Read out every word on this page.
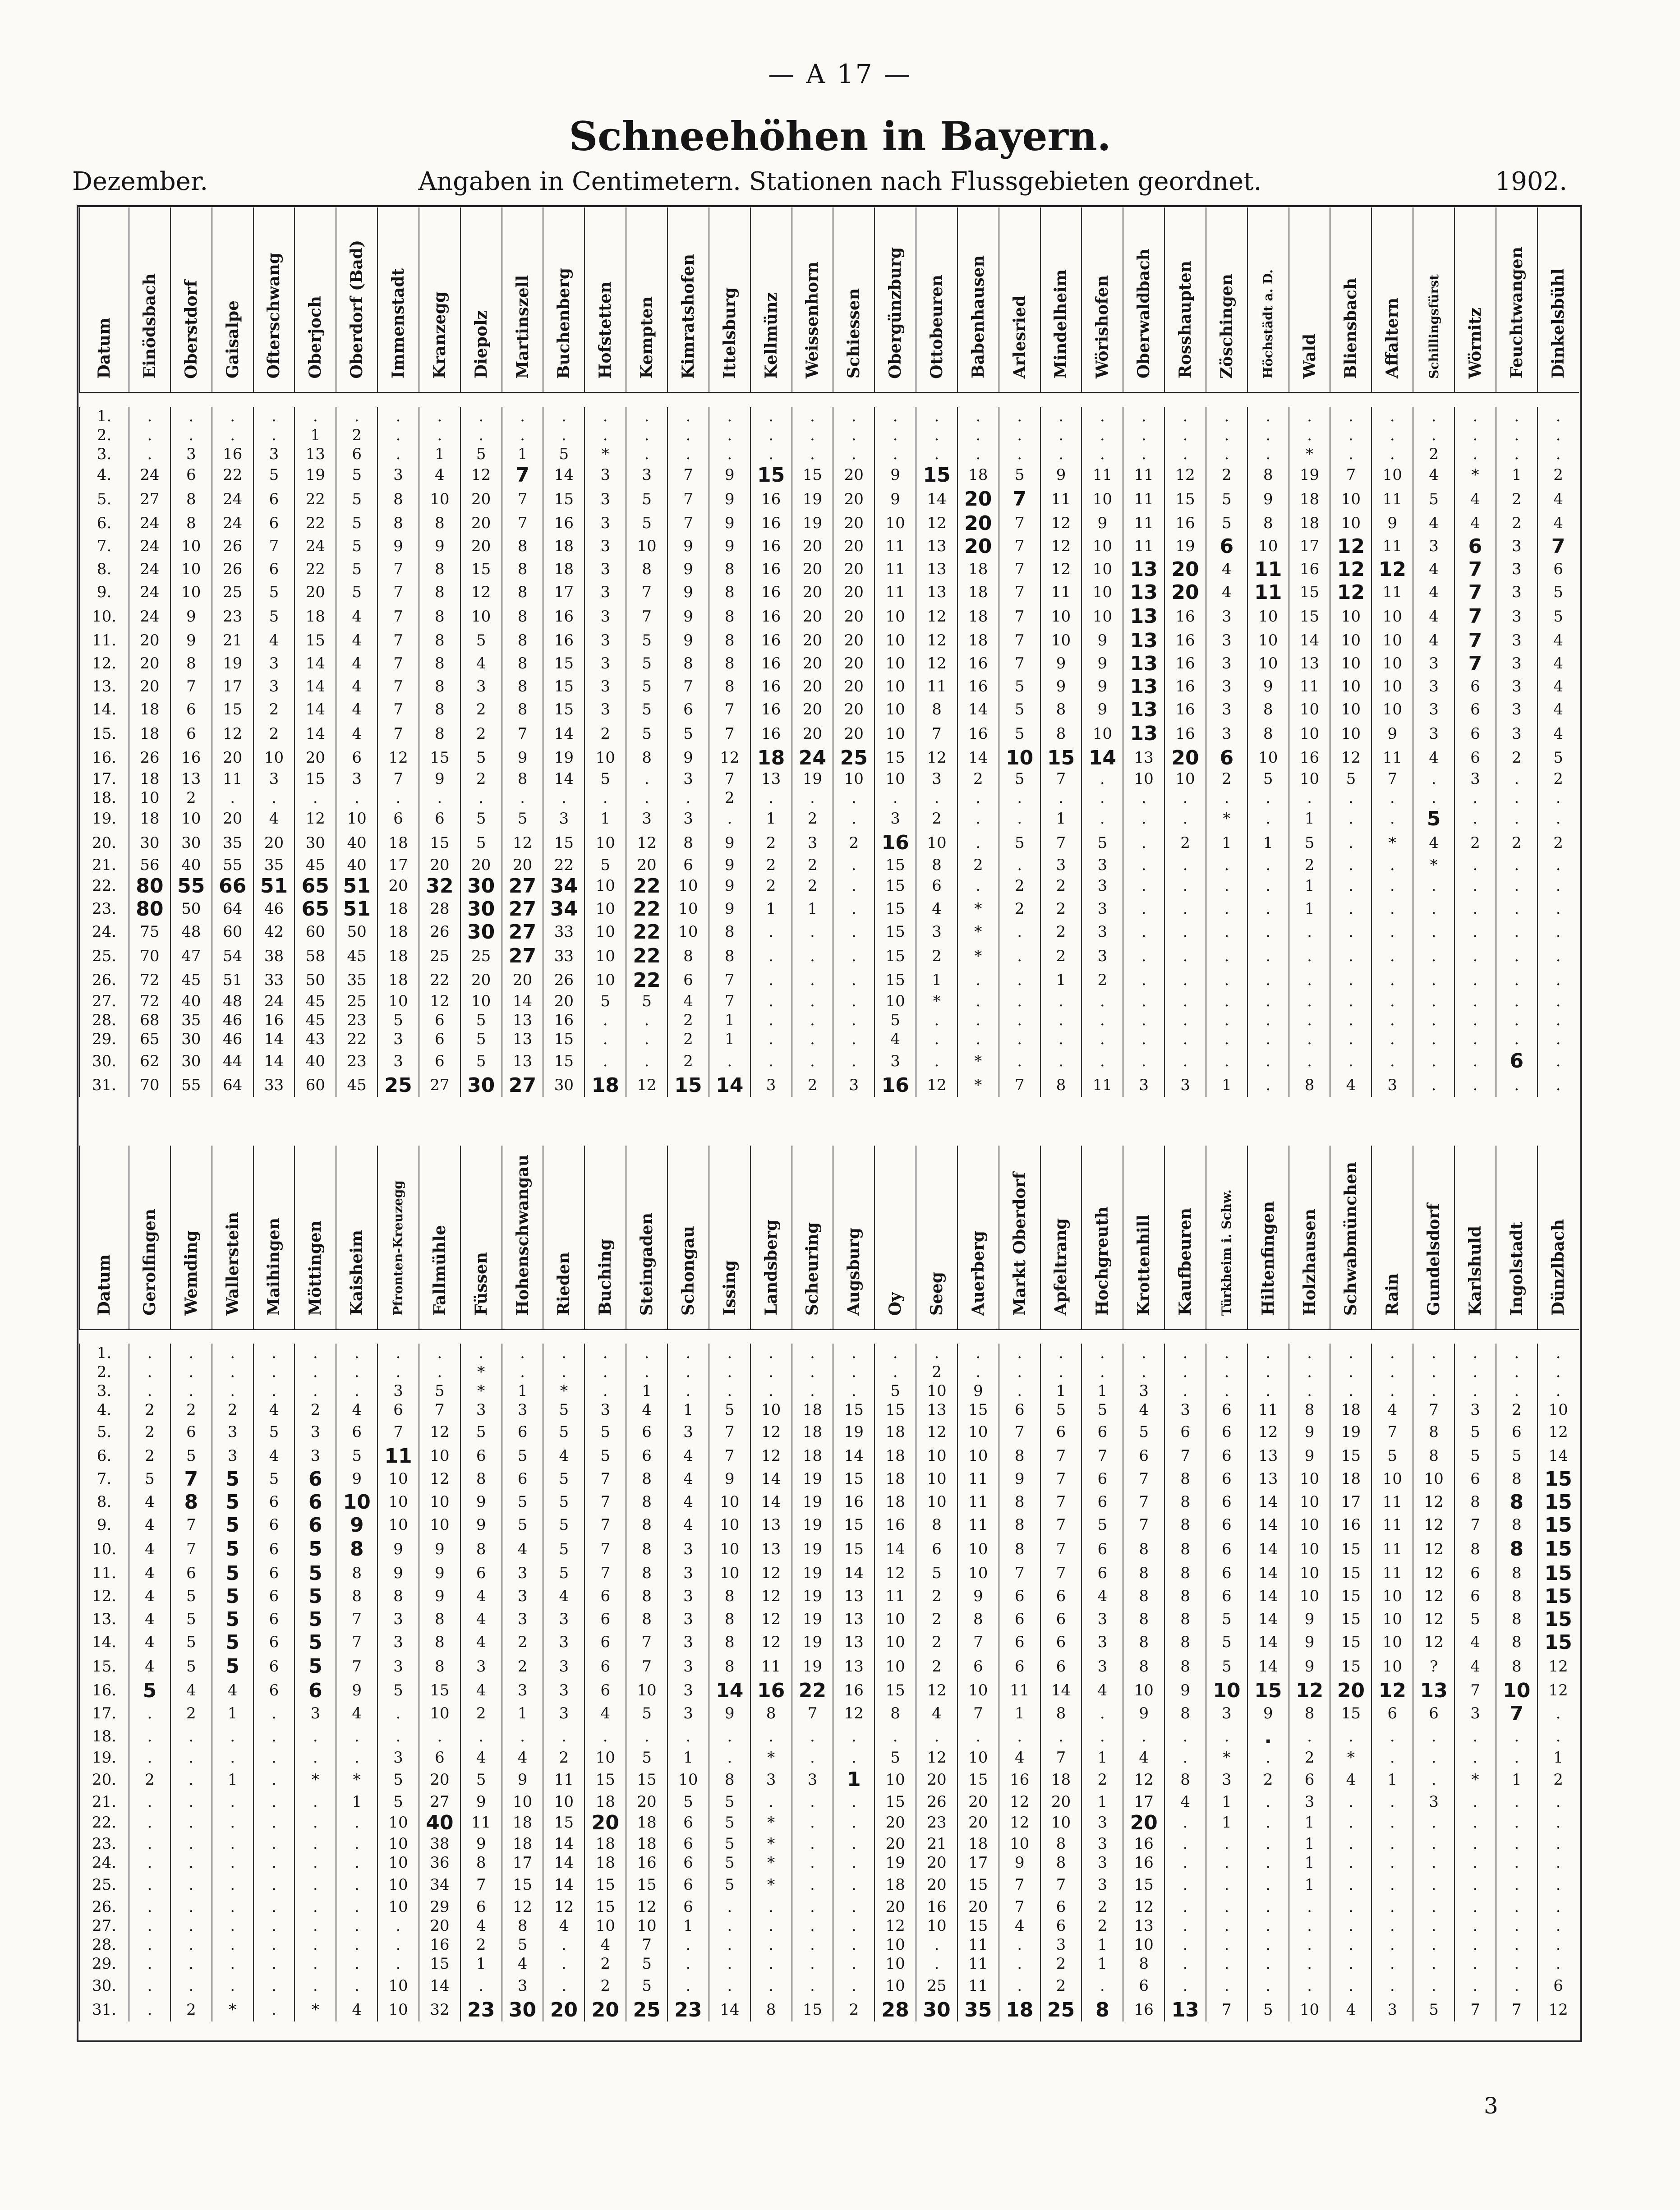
— A 17 —
Schneehöhen in Bayern.
Dezember.	Angaben in Centimetern. Stationen nach Flussgebieten geordnet.	1902.
Datum	Einödsbach	Oberstdorf	Gaisalpe	Ofterschwang	Oberjoch	Oberdorf (Bad)	Immenstadt	Kranzegg	Diepolz	Martinszell	Buchenberg	Hofstetten	Kempten	Kimratshofen	Ittelsburg	Kellmünz	Weissenhorn	Schiessen	Obergünzburg	Ottobeuren	Babenhausen	Arlesried	Mindelheim	Wörishofen	Oberwaldbach	Rosshaupten	Zöschingen	Höchstädt a. D.	Wald	Bliensbach	Affaltern	Schillingsfürst	Wörnitz	Feuchtwangen	Dinkelsbühl

1.	.	.	.	.	.	.	.	.	.	.	.	.	.	.	.	.	.	.	.	.	.	.	.	.	.	.	.	.	.	.	.	.	.	.	.
2.	.	.	.	.	1	2	.	.	.	.	.	.	.	.	.	.	.	.	.	.	.	.	.	.	.	.	.	.	.	.	.	.	.	.	.
3.	.	3	16	3	13	6	.	1	5	1	5	*	.	.	.	.	.	.	.	.	.	.	.	.	.	.	.	.	*	.	.	2	.	.	.
4.	24	6	22	5	19	5	3	4	12	7	14	3	3	7	9	15	15	20	9	15	18	5	9	11	11	12	2	8	19	7	10	4	*	1	2
5.	27	8	24	6	22	5	8	10	20	7	15	3	5	7	9	16	19	20	9	14	20	7	11	10	11	15	5	9	18	10	11	5	4	2	4
6.	24	8	24	6	22	5	8	8	20	7	16	3	5	7	9	16	19	20	10	12	20	7	12	9	11	16	5	8	18	10	9	4	4	2	4
7.	24	10	26	7	24	5	9	9	20	8	18	3	10	9	9	16	20	20	11	13	20	7	12	10	11	19	6	10	17	12	11	3	6	3	7
8.	24	10	26	6	22	5	7	8	15	8	18	3	8	9	8	16	20	20	11	13	18	7	12	10	13	20	4	11	16	12	12	4	7	3	6
9.	24	10	25	5	20	5	7	8	12	8	17	3	7	9	8	16	20	20	11	13	18	7	11	10	13	20	4	11	15	12	11	4	7	3	5
10.	24	9	23	5	18	4	7	8	10	8	16	3	7	9	8	16	20	20	10	12	18	7	10	10	13	16	3	10	15	10	10	4	7	3	5
11.	20	9	21	4	15	4	7	8	5	8	16	3	5	9	8	16	20	20	10	12	18	7	10	9	13	16	3	10	14	10	10	4	7	3	4
12.	20	8	19	3	14	4	7	8	4	8	15	3	5	8	8	16	20	20	10	12	16	7	9	9	13	16	3	10	13	10	10	3	7	3	4
13.	20	7	17	3	14	4	7	8	3	8	15	3	5	7	8	16	20	20	10	11	16	5	9	9	13	16	3	9	11	10	10	3	6	3	4
14.	18	6	15	2	14	4	7	8	2	8	15	3	5	6	7	16	20	20	10	8	14	5	8	9	13	16	3	8	10	10	10	3	6	3	4
15.	18	6	12	2	14	4	7	8	2	7	14	2	5	5	7	16	20	20	10	7	16	5	8	10	13	16	3	8	10	10	9	3	6	3	4
16.	26	16	20	10	20	6	12	15	5	9	19	10	8	9	12	18	24	25	15	12	14	10	15	14	13	20	6	10	16	12	11	4	6	2	5
17.	18	13	11	3	15	3	7	9	2	8	14	5	.	3	7	13	19	10	10	3	2	5	7	.	10	10	2	5	10	5	7	.	3	.	2
18.	10	2	.	.	.	.	.	.	.	.	.	.	.	.	2	.	.	.	.	.	.	.	.	.	.	.	.	.	.	.	.	.	.	.	.
19.	18	10	20	4	12	10	6	6	5	5	3	1	3	3	.	1	2	.	3	2	.	.	1	.	.	.	*	.	1	.	.	5	.	.	.
20.	30	30	35	20	30	40	18	15	5	12	15	10	12	8	9	2	3	2	16	10	.	5	7	5	.	2	1	1	5	.	*	4	2	2	2
21.	56	40	55	35	45	40	17	20	20	20	22	5	20	6	9	2	2	.	15	8	2	.	3	3	.	.	.	.	2	.	.	*	.	.	.
22.	80	55	66	51	65	51	20	32	30	27	34	10	22	10	9	2	2	.	15	6	.	2	2	3	.	.	.	.	1	.	.	.	.	.	.
23.	80	50	64	46	65	51	18	28	30	27	34	10	22	10	9	1	1	.	15	4	*	2	2	3	.	.	.	.	1	.	.	.	.	.	.
24.	75	48	60	42	60	50	18	26	30	27	33	10	22	10	8	.	.	.	15	3	*	.	2	3	.	.	.	.	.	.	.	.	.	.	.
25.	70	47	54	38	58	45	18	25	25	27	33	10	22	8	8	.	.	.	15	2	*	.	2	3	.	.	.	.	.	.	.	.	.	.	.
26.	72	45	51	33	50	35	18	22	20	20	26	10	22	6	7	.	.	.	15	1	.	.	1	2	.	.	.	.	.	.	.	.	.	.	.
27.	72	40	48	24	45	25	10	12	10	14	20	5	5	4	7	.	.	.	10	*	.	.	.	.	.	.	.	.	.	.	.	.	.	.	.
28.	68	35	46	16	45	23	5	6	5	13	16	.	.	2	1	.	.	.	5	.	.	.	.	.	.	.	.	.	.	.	.	.	.	.	.
29.	65	30	46	14	43	22	3	6	5	13	15	.	.	2	1	.	.	.	4	.	.	.	.	.	.	.	.	.	.	.	.	.	.	.	.
30.	62	30	44	14	40	23	3	6	5	13	15	.	.	2	.	.	.	.	3	.	*	.	.	.	.	.	.	.	.	.	.	.	.	6	.
31.	70	55	64	33	60	45	25	27	30	27	30	18	12	15	14	3	2	3	16	12	*	7	8	11	3	3	1	.	8	4	3	.	.	.	.
Datum	Gerolfingen	Wemding	Wallerstein	Maihingen	Möttingen	Kaisheim	Pfronten-Kreuzegg	Fallmühle	Füssen	Hohenschwangau	Rieden	Buching	Steingaden	Schongau	Issing	Landsberg	Scheuring	Augsburg	Oy	Seeg	Auerberg	Markt Oberdorf	Apfeltrang	Hochgreuth	Krottenhill	Kaufbeuren	Türkheim i. Schw.	Hiltenfingen	Holzhausen	Schwabmünchen	Rain	Gundelsdorf	Karlshuld	Ingolstadt	Dünzlbach

1.	.	.	.	.	.	.	.	.	.	.	.	.	.	.	.	.	.	.	.	.	.	.	.	.	.	.	.	.	.	.	.	.	.	.	.
2.	.	.	.	.	.	.	.	.	*	.	.	.	.	.	.	.	.	.	.	2	.	.	.	.	.	.	.	.	.	.	.	.	.	.	.
3.	.	.	.	.	.	.	3	5	*	1	*	.	1	.	.	.	.	.	5	10	9	.	1	1	3	.	.	.	.	.	.	.	.	.	.
4.	2	2	2	4	2	4	6	7	3	3	5	3	4	1	5	10	18	15	15	13	15	6	5	5	4	3	6	11	8	18	4	7	3	2	10
5.	2	6	3	5	3	6	7	12	5	6	5	5	6	3	7	12	18	19	18	12	10	7	6	6	5	6	6	12	9	19	7	8	5	6	12
6.	2	5	3	4	3	5	11	10	6	5	4	5	6	4	7	12	18	14	18	10	10	8	7	7	6	7	6	13	9	15	5	8	5	5	14
7.	5	7	5	5	6	9	10	12	8	6	5	7	8	4	9	14	19	15	18	10	11	9	7	6	7	8	6	13	10	18	10	10	6	8	15
8.	4	8	5	6	6	10	10	10	9	5	5	7	8	4	10	14	19	16	18	10	11	8	7	6	7	8	6	14	10	17	11	12	8	8	15
9.	4	7	5	6	6	9	10	10	9	5	5	7	8	4	10	13	19	15	16	8	11	8	7	5	7	8	6	14	10	16	11	12	7	8	15
10.	4	7	5	6	5	8	9	9	8	4	5	7	8	3	10	13	19	15	14	6	10	8	7	6	8	8	6	14	10	15	11	12	8	8	15
11.	4	6	5	6	5	8	9	9	6	3	5	7	8	3	10	12	19	14	12	5	10	7	7	6	8	8	6	14	10	15	11	12	6	8	15
12.	4	5	5	6	5	8	8	9	4	3	4	6	8	3	8	12	19	13	11	2	9	6	6	4	8	8	6	14	10	15	10	12	6	8	15
13.	4	5	5	6	5	7	3	8	4	3	3	6	8	3	8	12	19	13	10	2	8	6	6	3	8	8	5	14	9	15	10	12	5	8	15
14.	4	5	5	6	5	7	3	8	4	2	3	6	7	3	8	12	19	13	10	2	7	6	6	3	8	8	5	14	9	15	10	12	4	8	15
15.	4	5	5	6	5	7	3	8	3	2	3	6	7	3	8	11	19	13	10	2	6	6	6	3	8	8	5	14	9	15	10	?	4	8	12
16.	5	4	4	6	6	9	5	15	4	3	3	6	10	3	14	16	22	16	15	12	10	11	14	4	10	9	10	15	12	20	12	13	7	10	12
17.	.	2	1	.	3	4	.	10	2	1	3	4	5	3	9	8	7	12	8	4	7	1	8	.	9	8	3	9	8	15	6	6	3	7	.
18.	.	.	.	.	.	.	.	.	.	.	.	.	.	.	.	.	.	.	.	.	.	.	.	.	.	.	.	.	.	.	.	.	.	.	.
19.	.	.	.	.	.	.	3	6	4	4	2	10	5	1	.	*	.	.	5	12	10	4	7	1	4	.	*	.	2	*	.	.	.	.	1
20.	2	.	1	.	*	*	5	20	5	9	11	15	15	10	8	3	3	1	10	20	15	16	18	2	12	8	3	2	6	4	1	.	*	1	2
21.	.	.	.	.	.	1	5	27	9	10	10	18	20	5	5	.	.	.	15	26	20	12	20	1	17	4	1	.	3	.	.	3	.	.	.
22.	.	.	.	.	.	.	10	40	11	18	15	20	18	6	5	*	.	.	20	23	20	12	10	3	20	.	1	.	1	.	.	.	.	.	.
23.	.	.	.	.	.	.	10	38	9	18	14	18	18	6	5	*	.	.	20	21	18	10	8	3	16	.	.	.	1	.	.	.	.	.	.
24.	.	.	.	.	.	.	10	36	8	17	14	18	16	6	5	*	.	.	19	20	17	9	8	3	16	.	.	.	1	.	.	.	.	.	.
25.	.	.	.	.	.	.	10	34	7	15	14	15	15	6	5	*	.	.	18	20	15	7	7	3	15	.	.	.	1	.	.	.	.	.	.
26.	.	.	.	.	.	.	10	29	6	12	12	15	12	6	.	.	.	.	20	16	20	7	6	2	12	.	.	.	.	.	.	.	.	.	.
27.	.	.	.	.	.	.	.	20	4	8	4	10	10	1	.	.	.	.	12	10	15	4	6	2	13	.	.	.	.	.	.	.	.	.	.
28.	.	.	.	.	.	.	.	16	2	5	.	4	7	.	.	.	.	.	10	.	11	.	3	1	10	.	.	.	.	.	.	.	.	.	.
29.	.	.	.	.	.	.	.	15	1	4	.	2	5	.	.	.	.	.	10	.	11	.	2	1	8	.	.	.	.	.	.	.	.	.	.
30.	.	.	.	.	.	.	10	14	.	3	.	2	5	.	.	.	.	.	10	25	11	.	2	.	6	.	.	.	.	.	.	.	.	.	6
31.	.	2	*	.	*	4	10	32	23	30	20	20	25	23	14	8	15	2	28	30	35	18	25	8	16	13	7	5	10	4	3	5	7	7	12
3
